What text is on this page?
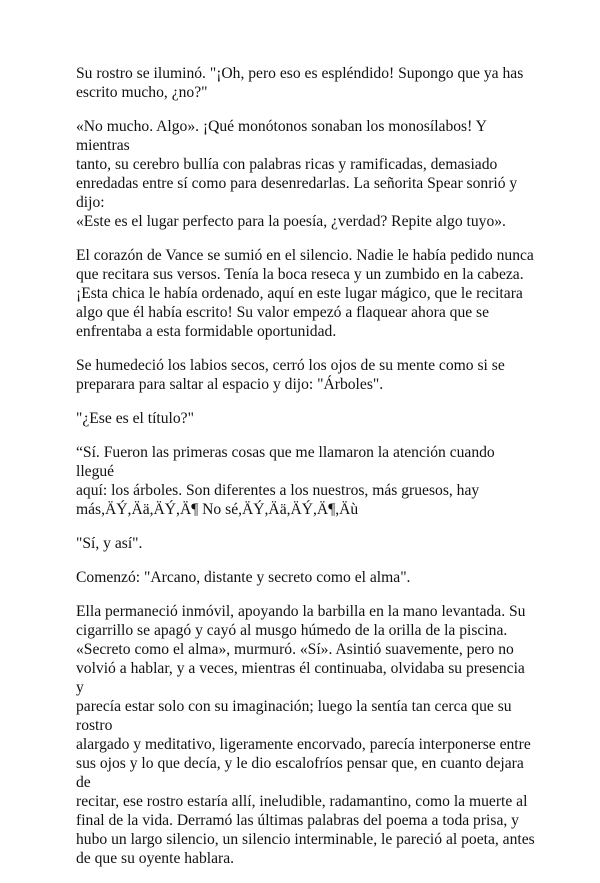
Su rostro se iluminó. "¡Oh, pero eso es espléndido! Supongo que ya has
escrito mucho, ¿no?"

«No mucho. Algo». ¡Qué monótonos sonaban los monosílabos! Y mientras
tanto, su cerebro bullía con palabras ricas y ramificadas, demasiado
enredadas entre sí como para desenredarlas. La señorita Spear sonrió y dijo:
«Este es el lugar perfecto para la poesía, ¿verdad? Repite algo tuyo».

El corazón de Vance se sumió en el silencio. Nadie le había pedido nunca
que recitara sus versos. Tenía la boca reseca y un zumbido en la cabeza.
¡Esta chica le había ordenado, aquí en este lugar mágico, que le recitara
algo que él había escrito! Su valor empezó a flaquear ahora que se
enfrentaba a esta formidable oportunidad.

Se humedeció los labios secos, cerró los ojos de su mente como si se
preparara para saltar al espacio y dijo: "Árboles".

"¿Ese es el título?"

“Sí. Fueron las primeras cosas que me llamaron la atención cuando llegué
aquí: los árboles. Son diferentes a los nuestros, más gruesos, hay
más,ÄÝ,Ää,ÄÝ,Ä¶ No sé,ÄÝ,Ää,ÄÝ,Ä¶,Äù

"Sí, y así".

Comenzó: "Arcano, distante y secreto como el alma".

Ella permaneció inmóvil, apoyando la barbilla en la mano levantada. Su
cigarrillo se apagó y cayó al musgo húmedo de la orilla de la piscina.
«Secreto como el alma», murmuró. «Sí». Asintió suavemente, pero no
volvió a hablar, y a veces, mientras él continuaba, olvidaba su presencia y
parecía estar solo con su imaginación; luego la sentía tan cerca que su rostro
alargado y meditativo, ligeramente encorvado, parecía interponerse entre
sus ojos y lo que decía, y le dio escalofríos pensar que, en cuanto dejara de
recitar, ese rostro estaría allí, ineludible, radamantino, como la muerte al
final de la vida. Derramó las últimas palabras del poema a toda prisa, y
hubo un largo silencio, un silencio interminable, le pareció al poeta, antes
de que su oyente hablara.
